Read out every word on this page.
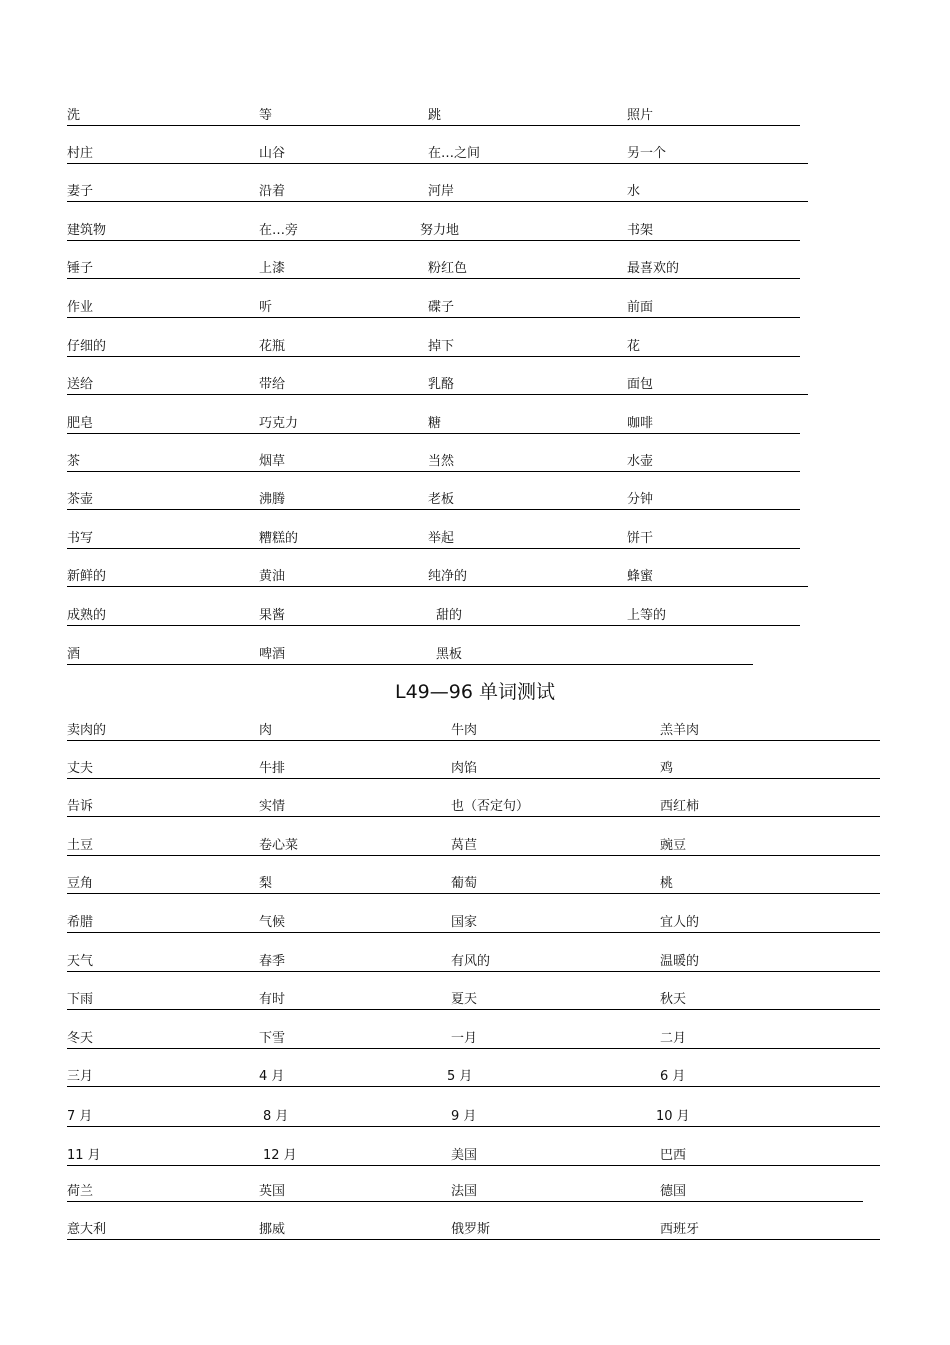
洗	等	跳	照片
村庄	山谷	在…之间	另一个
妻子	沿着	河岸	水
建筑物	在…旁	努力地	书架
锤子	上漆	粉红色	最喜欢的
作业	听	碟子	前面
仔细的	花瓶	掉下	花
送给	带给	乳酪	面包
肥皂	巧克力	糖	咖啡
茶	烟草	当然	水壶
茶壶	沸腾	老板	分钟
书写	糟糕的	举起	饼干
新鲜的	黄油	纯净的	蜂蜜
成熟的	果酱	甜的	上等的
酒	啤酒	黑板
L49—96 单词测试
卖肉的	肉	牛肉	羔羊肉
丈夫	牛排	肉馅	鸡
告诉	实情	也（否定句）	西红柿
土豆	卷心菜	莴苣	豌豆
豆角	梨	葡萄	桃
希腊	气候	国家	宜人的
天气	春季	有风的	温暖的
下雨	有时	夏天	秋天
冬天	下雪	一月	二月
三月	4 月	5 月	6 月
7 月	8 月	9 月	10 月
11 月	12 月	美国	巴西
荷兰	英国	法国	德国
意大利	挪威	俄罗斯	西班牙
